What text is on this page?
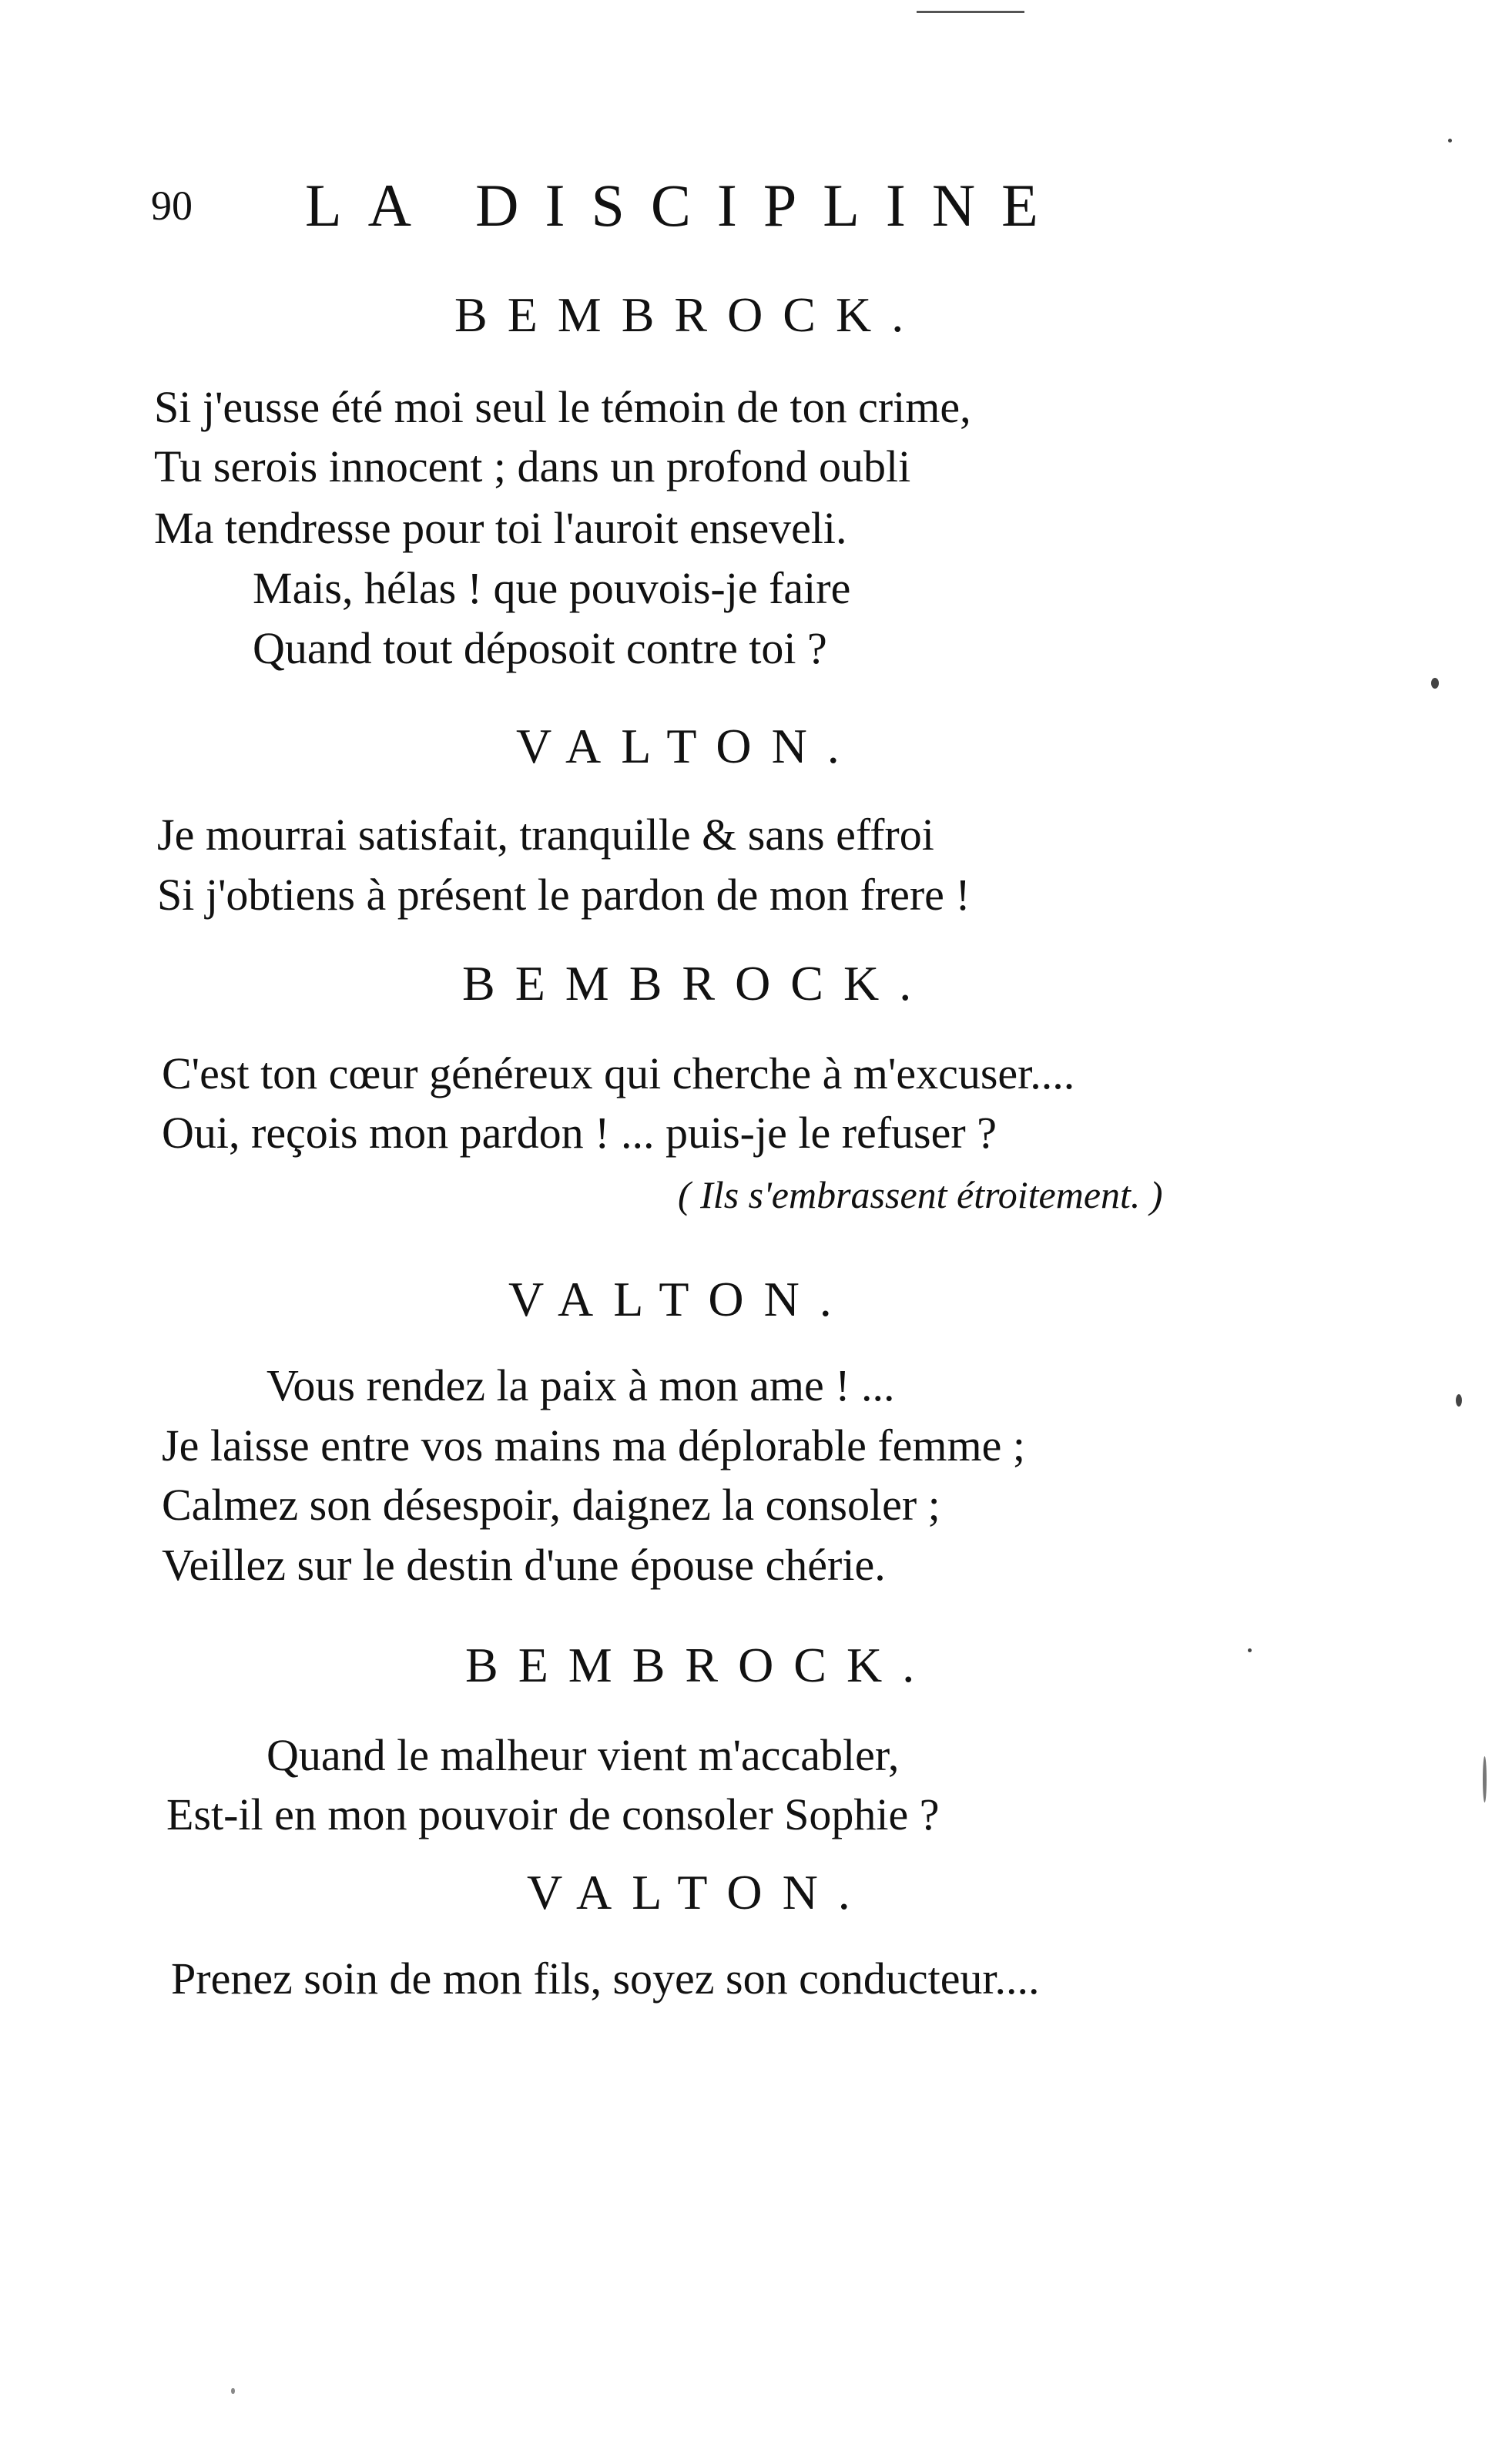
90 LA DISCIPLINE
BEMBROCK.
Si j'eusse été moi seul le témoin de ton crime,
Tu serois innocent ; dans un profond oubli
Ma tendresse pour toi l'auroit enseveli.
Mais, hélas ! que pouvois-je faire
Quand tout déposoit contre toi ?
VALTON.
Je mourrai satisfait, tranquille & sans effroi
Si j'obtiens à présent le pardon de mon frere !
BEMBROCK.
C'est ton cœur généreux qui cherche à m'excuser....
Oui, reçois mon pardon ! ... puis-je le refuser ?
( Ils s'embrassent étroitement. )
VALTON.
Vous rendez la paix à mon ame ! ...
Je laisse entre vos mains ma déplorable femme ;
Calmez son désespoir, daignez la consoler ;
Veillez sur le destin d'une épouse chérie.
BEMBROCK.
Quand le malheur vient m'accabler,
Est-il en mon pouvoir de consoler Sophie ?
VALTON.
Prenez soin de mon fils, soyez son conducteur....
